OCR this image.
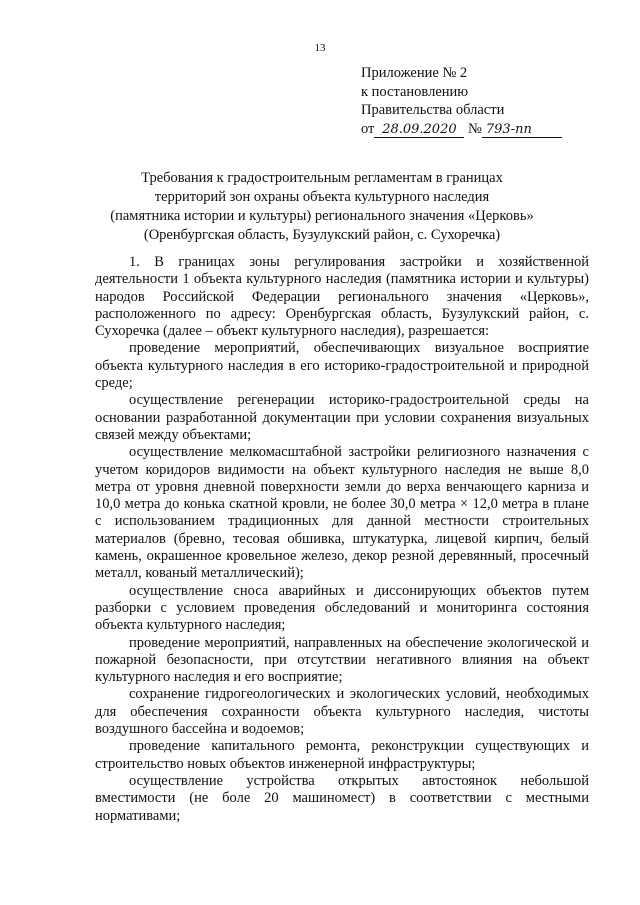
13
Приложение № 2
к постановлению
Правительства области
от 28.09.2020 № 793-пп
Требования к градостроительным регламентам в границах
территорий зон охраны объекта культурного наследия
(памятника истории и культуры) регионального значения «Церковь»
(Оренбургская область, Бузулукский район, с. Сухоречка)

1. В границах зоны регулирования застройки и хозяйственной деятельности 1 объекта культурного наследия (памятника истории и культуры) народов Российской Федерации регионального значения «Церковь», расположенного по адресу: Оренбургская область, Бузулукский район, с. Сухоречка (далее – объект культурного наследия), разрешается:

проведение мероприятий, обеспечивающих визуальное восприятие объекта культурного наследия в его историко-градостроительной и природной среде;

осуществление регенерации историко-градостроительной среды на основании разработанной документации при условии сохранения визуальных связей между объектами;

осуществление мелкомасштабной застройки религиозного назначения с учетом коридоров видимости на объект культурного наследия не выше 8,0 метра от уровня дневной поверхности земли до верха венчающего карниза и 10,0 метра до конька скатной кровли, не более 30,0 метра × 12,0 метра в плане с использованием традиционных для данной местности строительных материалов (бревно, тесовая обшивка, штукатурка, лицевой кирпич, белый камень, окрашенное кровельное железо, декор резной деревянный, просечный металл, кованый металлический);

осуществление сноса аварийных и диссонирующих объектов путем разборки с условием проведения обследований и мониторинга состояния объекта культурного наследия;

проведение мероприятий, направленных на обеспечение экологической и пожарной безопасности, при отсутствии негативного влияния на объект культурного наследия и его восприятие;

сохранение гидрогеологических и экологических условий, необходимых для обеспечения сохранности объекта культурного наследия, чистоты воздушного бассейна и водоемов;

проведение капитального ремонта, реконструкции существующих и строительство новых объектов инженерной инфраструктуры;

осуществление устройства открытых автостоянок небольшой вместимости (не боле 20 машиномест) в соответствии с местными нормативами;
